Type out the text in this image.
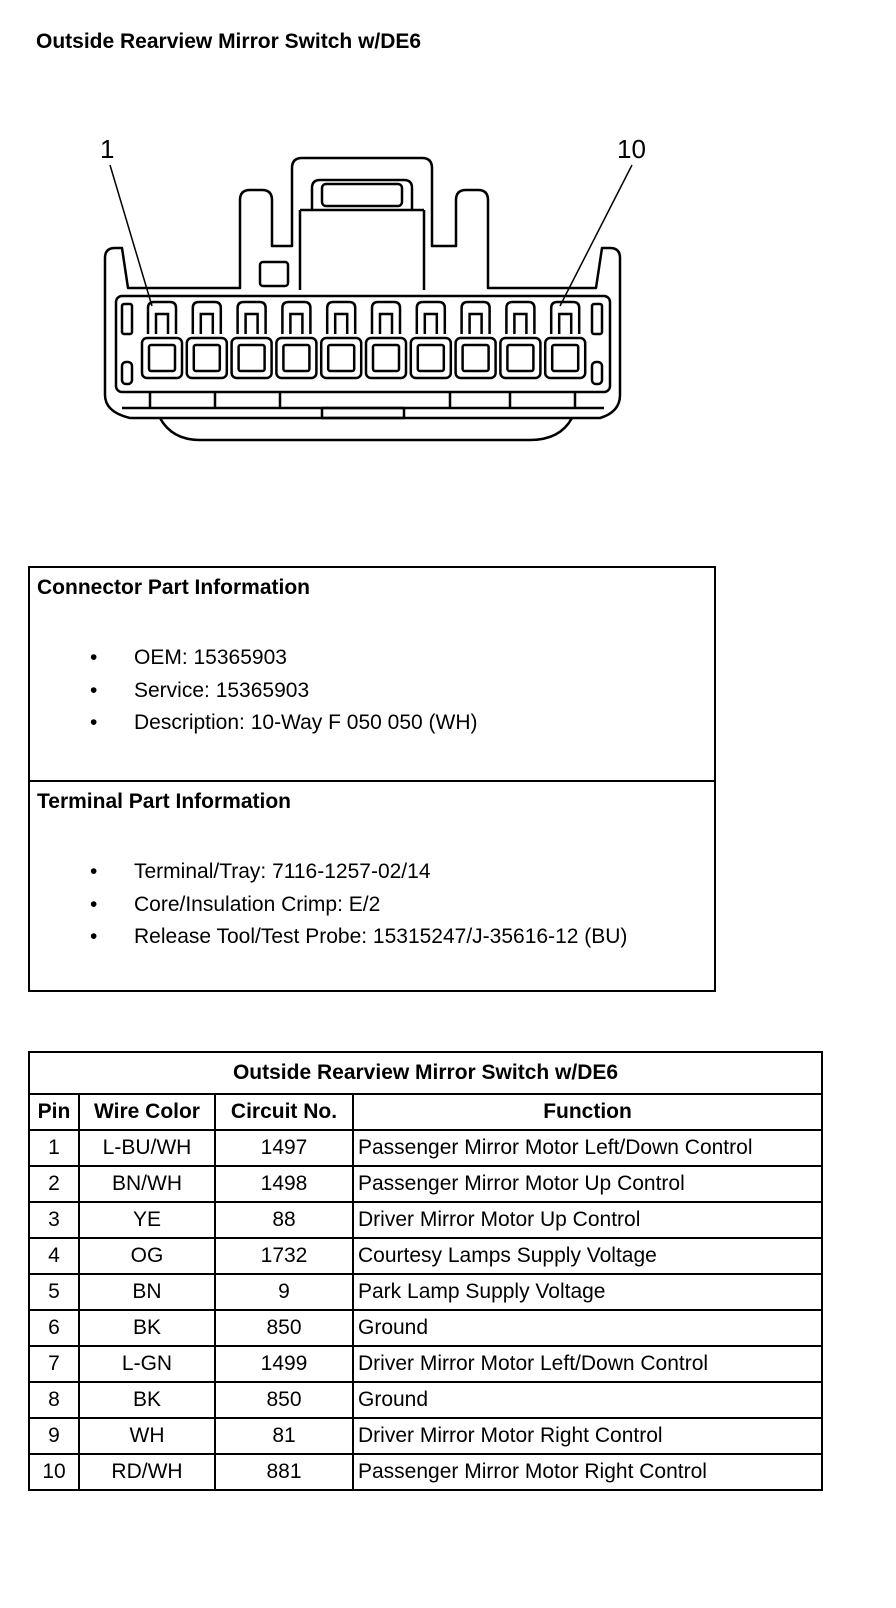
Outside Rearview Mirror Switch w/DE6
1	10
Connector Part Information
• OEM: 15365903
• Service: 15365903
• Description: 10-Way F 050 050 (WH)
Terminal Part Information
• Terminal/Tray: 7116-1257-02/14
• Core/Insulation Crimp: E/2
• Release Tool/Test Probe: 15315247/J-35616-12 (BU)
Outside Rearview Mirror Switch w/DE6			
Pin	Wire Color	Circuit No.	Function
1	L-BU/WH	1497	Passenger Mirror Motor Left/Down Control
2	BN/WH	1498	Passenger Mirror Motor Up Control
3	YE	88	Driver Mirror Motor Up Control
4	OG	1732	Courtesy Lamps Supply Voltage
5	BN	9	Park Lamp Supply Voltage
6	BK	850	Ground
7	L-GN	1499	Driver Mirror Motor Left/Down Control
8	BK	850	Ground
9	WH	81	Driver Mirror Motor Right Control
10	RD/WH	881	Passenger Mirror Motor Right Control
